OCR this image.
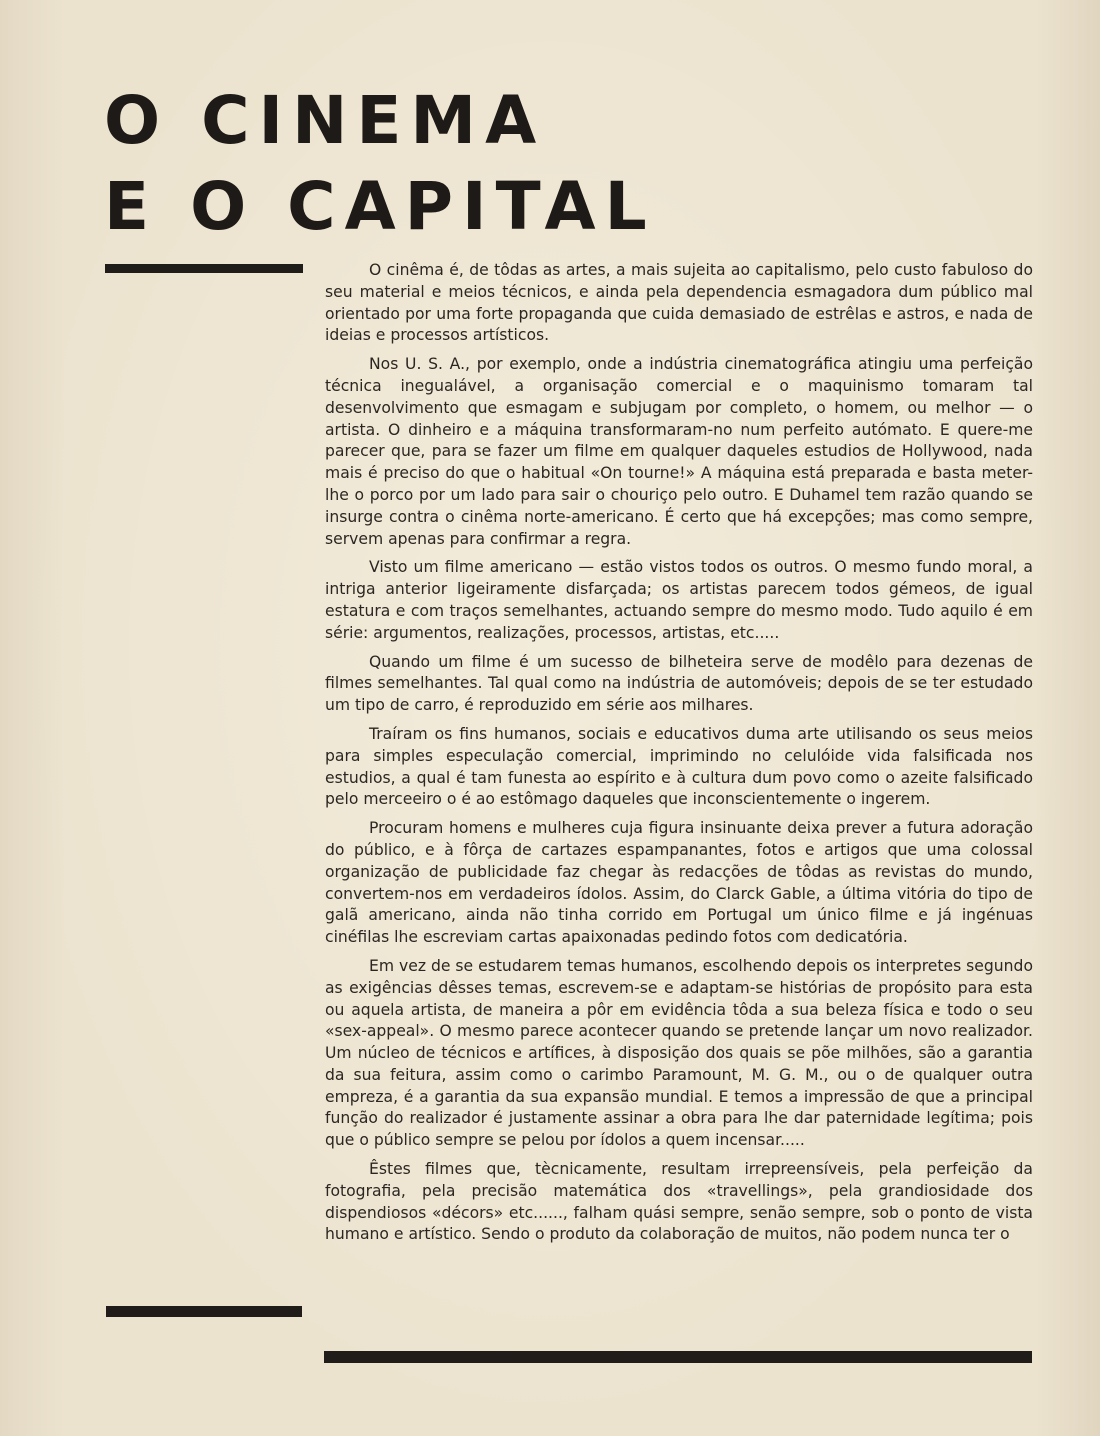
O CINEMA
E O CAPITAL

O cinêma é, de tôdas as artes, a mais sujeita ao capitalismo, pelo custo fabuloso do seu material e meios técnicos, e ainda pela dependencia esmagadora dum público mal orientado por uma forte propaganda que cuida demasiado de estrêlas e astros, e nada de ideias e processos artísticos.

Nos U. S. A., por exemplo, onde a indústria cinematográfica atingiu uma perfeição técnica inegualável, a organisação comercial e o maquinismo tomaram tal desenvolvimento que esmagam e subjugam por completo, o homem, ou melhor — o artista. O dinheiro e a máquina transformaram-no num perfeito autómato. E quere-me parecer que, para se fazer um filme em qualquer daqueles estudios de Hollywood, nada mais é preciso do que o habitual «On tourne!» A máquina está preparada e basta meter-lhe o porco por um lado para sair o chouriço pelo outro. E Duhamel tem razão quando se insurge contra o cinêma norte-americano. É certo que há excepções; mas como sempre, servem apenas para confirmar a regra.

Visto um filme americano — estão vistos todos os outros. O mesmo fundo moral, a intriga anterior ligeiramente disfarçada; os artistas parecem todos gémeos, de igual estatura e com traços semelhantes, actuando sempre do mesmo modo. Tudo aquilo é em série: argumentos, realizações, processos, artistas, etc.....

Quando um filme é um sucesso de bilheteira serve de modêlo para dezenas de filmes semelhantes. Tal qual como na indústria de automóveis; depois de se ter estudado um tipo de carro, é reproduzido em série aos milhares.

Traíram os fins humanos, sociais e educativos duma arte utilisando os seus meios para simples especulação comercial, imprimindo no celulóide vida falsificada nos estudios, a qual é tam funesta ao espírito e à cultura dum povo como o azeite falsificado pelo merceeiro o é ao estômago daqueles que inconscientemente o ingerem.

Procuram homens e mulheres cuja figura insinuante deixa prever a futura adoração do público, e à fôrça de cartazes espampanantes, fotos e artigos que uma colossal organização de publicidade faz chegar às redacções de tôdas as revistas do mundo, convertem-nos em verdadeiros ídolos. Assim, do Clarck Gable, a última vitória do tipo de galã americano, ainda não tinha corrido em Portugal um único filme e já ingénuas cinéfilas lhe escreviam cartas apaixonadas pedindo fotos com dedicatória.

Em vez de se estudarem temas humanos, escolhendo depois os interpretes segundo as exigências dêsses temas, escrevem-se e adaptam-se histórias de propósito para esta ou aquela artista, de maneira a pôr em evidência tôda a sua beleza física e todo o seu «sex-appeal». O mesmo parece acontecer quando se pretende lançar um novo realizador. Um núcleo de técnicos e artífices, à disposição dos quais se põe milhões, são a garantia da sua feitura, assim como o carimbo Paramount, M. G. M., ou o de qualquer outra empreza, é a garantia da sua expansão mundial. E temos a impressão de que a principal função do realizador é justamente assinar a obra para lhe dar paternidade legítima; pois que o público sempre se pelou por ídolos a quem incensar.....

Êstes filmes que, tècnicamente, resultam irrepreensíveis, pela perfeição da fotografia, pela precisão matemática dos «travellings», pela grandiosidade dos dispendiosos «décors» etc......, falham quási sempre, senão sempre, sob o ponto de vista humano e artístico. Sendo o produto da colaboração de muitos, não podem nunca ter o
